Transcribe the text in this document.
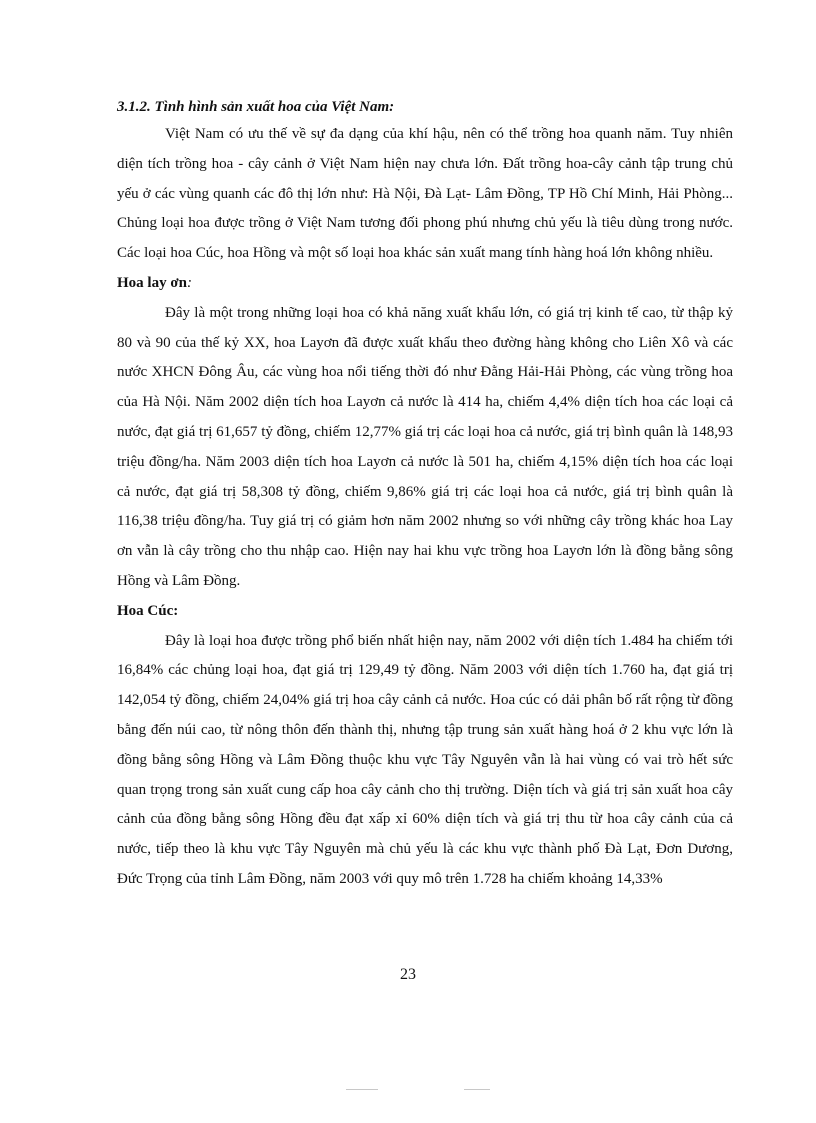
3.1.2. Tình hình sản xuất hoa của Việt Nam:

Việt Nam có ưu thế về sự đa dạng của khí hậu, nên có thể trồng hoa quanh năm. Tuy nhiên diện tích trồng hoa - cây cảnh ở Việt Nam hiện nay chưa lớn. Đất trồng hoa-cây cảnh tập trung chủ yếu ở các vùng quanh các đô thị lớn như: Hà Nội, Đà Lạt- Lâm Đồng, TP Hồ Chí Minh, Hải Phòng... Chủng loại hoa được trồng ở Việt Nam tương đối phong phú nhưng chủ yếu là tiêu dùng trong nước. Các loại hoa Cúc, hoa Hồng và một số loại hoa khác sản xuất mang tính hàng hoá lớn không nhiều.

Hoa lay ơn:

Đây là một trong những loại hoa có khả năng xuất khẩu lớn, có giá trị kinh tế cao, từ thập kỷ 80 và 90 của thế kỷ XX, hoa Layơn đã được xuất khẩu theo đường hàng không cho Liên Xô và các nước XHCN Đông Âu, các vùng hoa nổi tiếng thời đó như Đằng Hải-Hải Phòng, các vùng trồng hoa của Hà Nội. Năm 2002 diện tích hoa Layơn cả nước là 414 ha, chiếm 4,4% diện tích hoa các loại cả nước, đạt giá trị 61,657 tỷ đồng, chiếm 12,77% giá trị các loại hoa cả nước, giá trị bình quân là 148,93 triệu đồng/ha. Năm 2003 diện tích hoa Layơn cả nước là 501 ha, chiếm 4,15% diện tích hoa các loại cả nước, đạt giá trị 58,308 tỷ đồng, chiếm 9,86% giá trị các loại hoa cả nước, giá trị bình quân là 116,38 triệu đồng/ha. Tuy giá trị có giảm hơn năm 2002 nhưng so với những cây trồng khác hoa Lay ơn vẫn là cây trồng cho thu nhập cao. Hiện nay hai khu vực trồng hoa Layơn lớn là đồng bằng sông Hồng và Lâm Đồng.

Hoa Cúc:

Đây là loại hoa được trồng phổ biến nhất hiện nay, năm 2002 với diện tích 1.484 ha chiếm tới 16,84% các chủng loại hoa, đạt giá trị 129,49 tỷ đồng. Năm 2003 với diện tích 1.760 ha, đạt giá trị 142,054 tỷ đồng, chiếm 24,04% giá trị hoa cây cảnh cả nước. Hoa cúc có dải phân bố rất rộng từ đồng bằng đến núi cao, từ nông thôn đến thành thị, nhưng tập trung sản xuất hàng hoá ở 2 khu vực lớn là đồng bằng sông Hồng và Lâm Đồng thuộc khu vực Tây Nguyên vẫn là hai vùng có vai trò hết sức quan trọng trong sản xuất cung cấp hoa cây cảnh cho thị trường. Diện tích và giá trị sản xuất hoa cây cảnh của đồng bằng sông Hồng đều đạt xấp xỉ 60% diện tích và giá trị thu từ hoa cây cảnh của cả nước, tiếp theo là khu vực Tây Nguyên mà chủ yếu là các khu vực thành phố Đà Lạt, Đơn Dương, Đức Trọng của tỉnh Lâm Đồng, năm 2003 với quy mô trên 1.728 ha chiếm khoảng 14,33%

23
